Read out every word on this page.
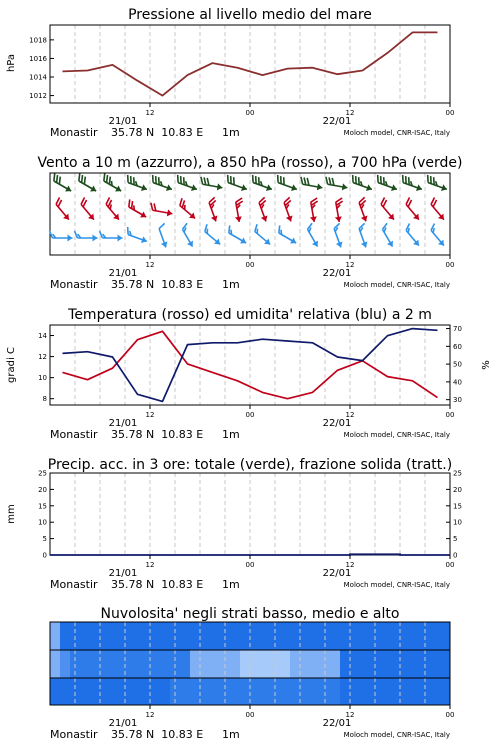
Pressione al livello medio del mare
hPa
1012
1014
1016
1018
12	00	12	00
21/01	22/01
Monastir 35.78 N  10.83 E 1m	Moloch model, CNR-ISAC, Italy
Vento a 10 m (azzurro), a 850 hPa (rosso), a 700 hPa (verde)
12	00	12	00
21/01	22/01
Monastir 35.78 N  10.83 E 1m	Moloch model, CNR-ISAC, Italy
Temperatura (rosso) ed umidita' relativa (blu) a 2 m
gradi C	%
8
10
12
14
30
40
50
60
70
12	00	12	00
21/01	22/01
Monastir 35.78 N  10.83 E 1m	Moloch model, CNR-ISAC, Italy
Precip. acc. in 3 ore: totale (verde), frazione solida (tratt.)
mm
0
5
10
15
20
25
0
5
10
15
20
25
12	00	12	00
21/01	22/01
Monastir 35.78 N  10.83 E 1m	Moloch model, CNR-ISAC, Italy
Nuvolosita' negli strati basso, medio e alto
12	00	12	00
21/01	22/01
Monastir 35.78 N  10.83 E 1m	Moloch model, CNR-ISAC, Italy
